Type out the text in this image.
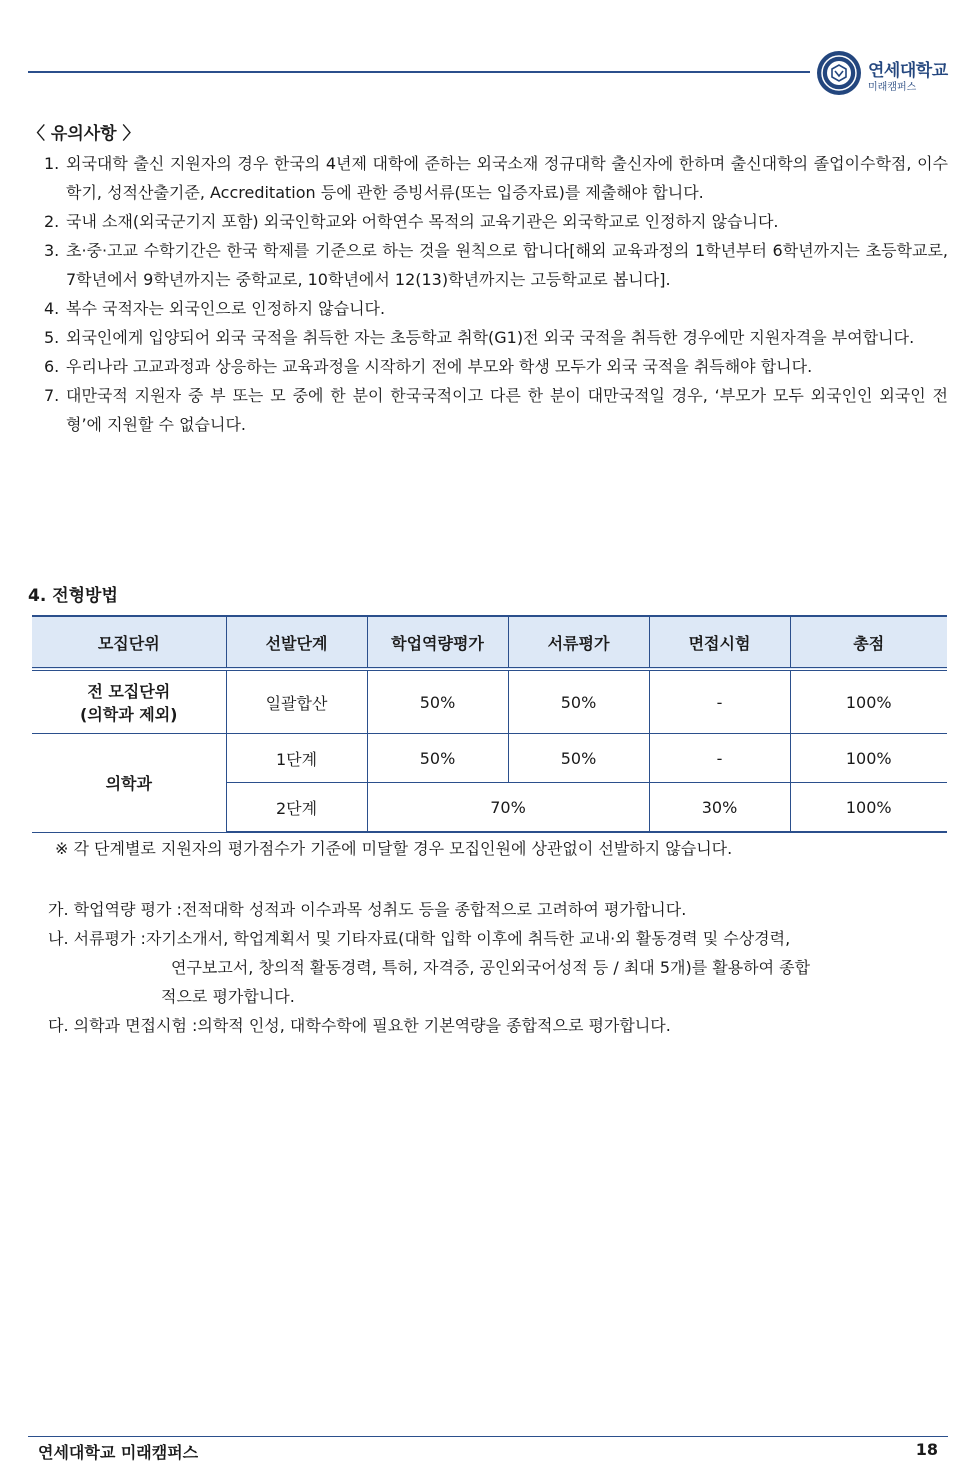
연세대학교
미래캠퍼스
〈 유의사항 〉
1. 외국대학 출신 지원자의 경우 한국의 4년제 대학에 준하는 외국소재 정규대학 출신자에 한하며 출신대학의 졸업이수학점, 이수학기, 성적산출기준, Accreditation 등에 관한 증빙서류(또는 입증자료)를 제출해야 합니다.
2. 국내 소재(외국군기지 포함) 외국인학교와 어학연수 목적의 교육기관은 외국학교로 인정하지 않습니다.
3. 초·중·고교 수학기간은 한국 학제를 기준으로 하는 것을 원칙으로 합니다[해외 교육과정의 1학년부터 6학년까지는 초등학교로, 7학년에서 9학년까지는 중학교로, 10학년에서 12(13)학년까지는 고등학교로 봅니다].
4. 복수 국적자는 외국인으로 인정하지 않습니다.
5. 외국인에게 입양되어 외국 국적을 취득한 자는 초등학교 취학(G1)전 외국 국적을 취득한 경우에만 지원자격을 부여합니다.
6. 우리나라 고교과정과 상응하는 교육과정을 시작하기 전에 부모와 학생 모두가 외국 국적을 취득해야 합니다.
7. 대만국적 지원자 중 부 또는 모 중에 한 분이 한국국적이고 다른 한 분이 대만국적일 경우, ‘부모가 모두 외국인인 외국인 전형’에 지원할 수 없습니다.
4. 전형방법
모집단위	선발단계	학업역량평가	서류평가	면접시험	총점

전 모집단위
(의학과 제외)	일괄합산	50%	50%	-	100%
의학과	1단계	50%	50%	-	100%
	2단계	70%		30%	100%
※ 각 단계별로 지원자의 평가점수가 기준에 미달할 경우 모집인원에 상관없이 선발하지 않습니다.
가. 학업역량 평가 : 전적대학 성적과 이수과목 성취도 등을 종합적으로 고려하여 평가합니다.
나. 서류평가 : 자기소개서, 학업계획서 및 기타자료(대학 입학 이후에 취득한 교내·외 활동경력 및 수상경력,
연구보고서, 창의적 활동경력, 특허, 자격증, 공인외국어성적 등 / 최대 5개)를 활용하여 종합
적으로 평가합니다.
다. 의학과 면접시험 : 의학적 인성, 대학수학에 필요한 기본역량을 종합적으로 평가합니다.
연세대학교 미래캠퍼스	18
